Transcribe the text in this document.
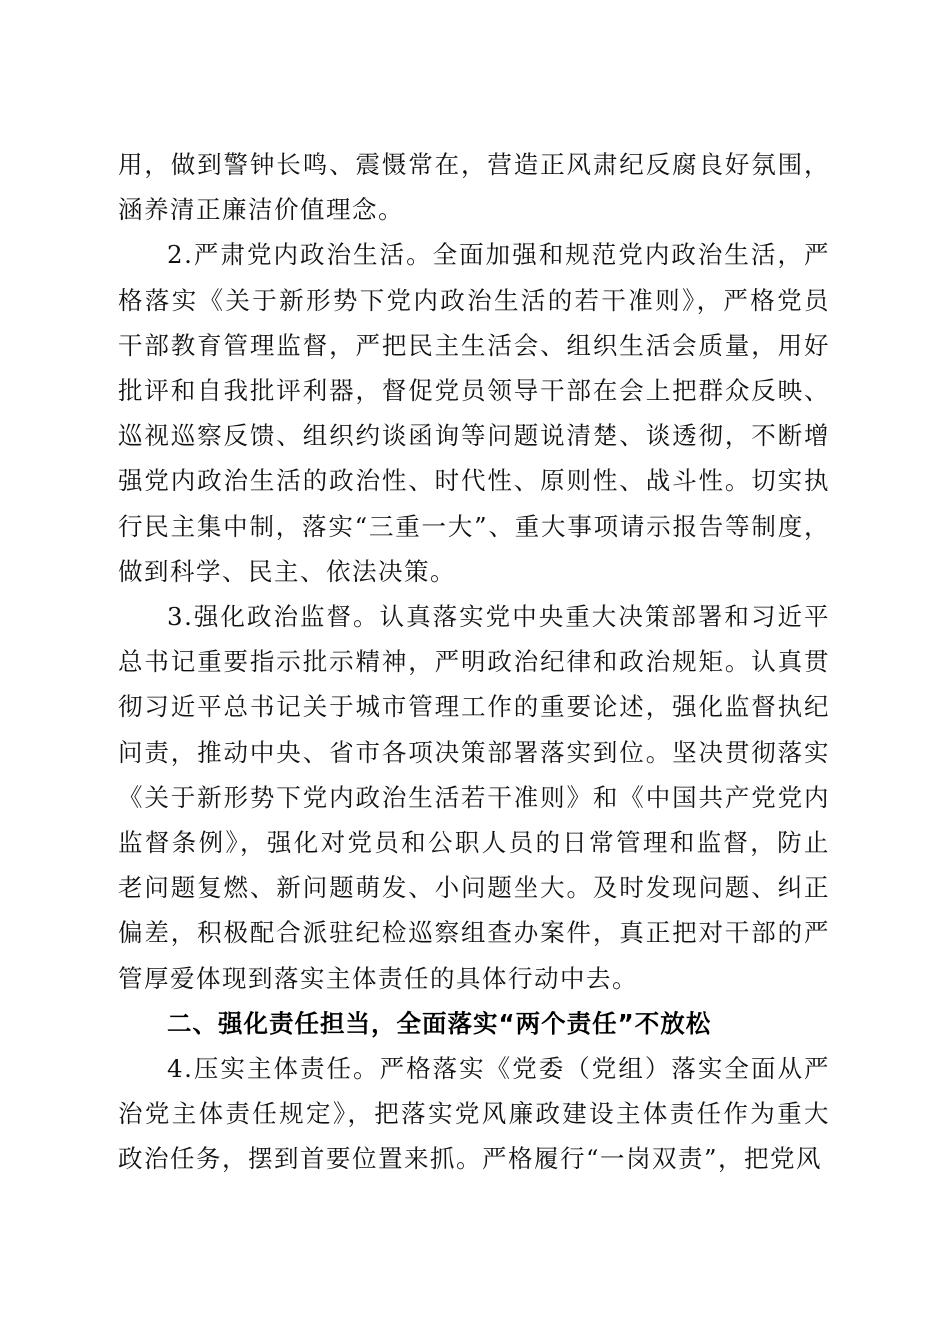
用，做到警钟长鸣、震慑常在，营造正风肃纪反腐良好氛围，涵养清正廉洁价值理念。

2.严肃党内政治生活。全面加强和规范党内政治生活，严格落实《关于新形势下党内政治生活的若干准则》，严格党员干部教育管理监督，严把民主生活会、组织生活会质量，用好批评和自我批评利器，督促党员领导干部在会上把群众反映、巡视巡察反馈、组织约谈函询等问题说清楚、谈透彻，不断增强党内政治生活的政治性、时代性、原则性、战斗性。切实执行民主集中制，落实“三重一大”、重大事项请示报告等制度，做到科学、民主、依法决策。

3.强化政治监督。认真落实党中央重大决策部署和习近平总书记重要指示批示精神，严明政治纪律和政治规矩。认真贯彻习近平总书记关于城市管理工作的重要论述，强化监督执纪问责，推动中央、省市各项决策部署落实到位。坚决贯彻落实《关于新形势下党内政治生活若干准则》和《中国共产党党内监督条例》，强化对党员和公职人员的日常管理和监督，防止老问题复燃、新问题萌发、小问题坐大。及时发现问题、纠正偏差，积极配合派驻纪检巡察组查办案件，真正把对干部的严管厚爱体现到落实主体责任的具体行动中去。

二、强化责任担当，全面落实“两个责任”不放松

4.压实主体责任。严格落实《党委（党组）落实全面从严治党主体责任规定》，把落实党风廉政建设主体责任作为重大政治任务，摆到首要位置来抓。严格履行“一岗双责”，把党风
